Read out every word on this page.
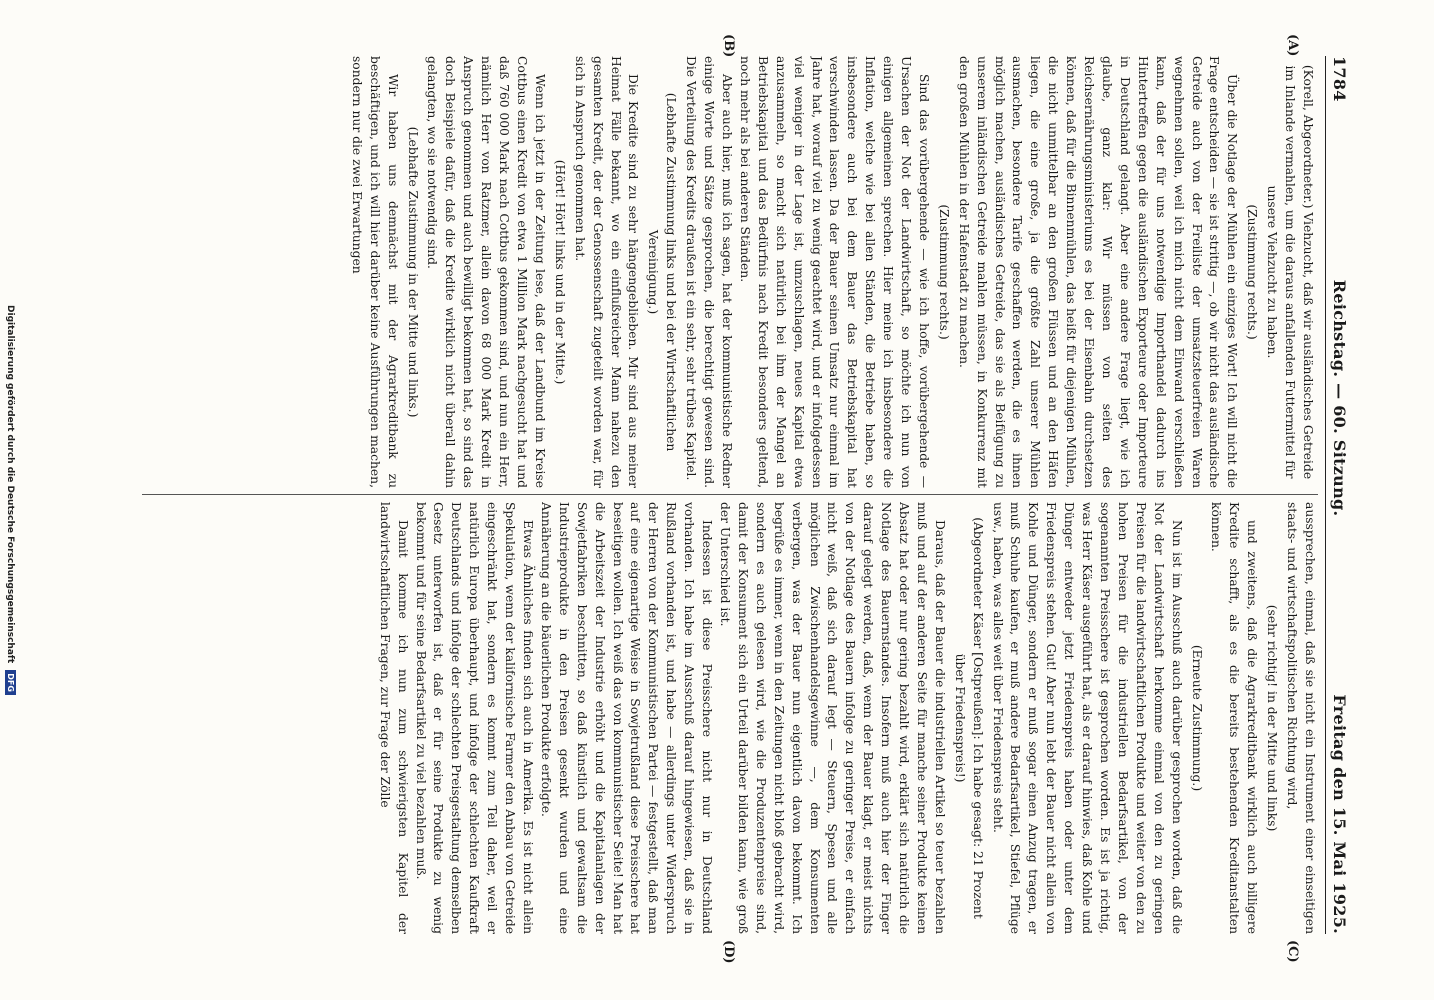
1784
Reichstag. — 60. Sitzung.
Freitag den 15. Mai 1925.
(A)
(B)
(C)
(D)

(Korell, Abgeordneter.) Viehzucht, daß wir ausländisches Getreide im Inlande vermahlen, um die daraus anfallenden Futtermittel für unsere Viehzucht zu haben.

(Zustimmung rechts.)

Über die Notlage der Mühlen ein einziges Wort! Ich will nicht die Frage entscheiden — sie ist strittig —, ob wir nicht das ausländische Getreide auch von der Freiliste der umsatzsteuerfreien Waren wegnehmen sollen, weil ich mich nicht dem Einwand verschließen kann, daß der für uns notwendige Importhandel dadurch ins Hintertreffen gegen die ausländischen Exporteure oder Importeure in Deutschland gelangt. Aber eine andere Frage liegt, wie ich glaube, ganz klar: Wir müssen von seiten des Reichsernährungsministeriums es bei der Eisenbahn durchsetzen können, daß für die Binnenmühlen, das heißt für diejenigen Mühlen, die nicht unmittelbar an den großen Flüssen und an den Häfen liegen, die eine große, ja die größte Zahl unserer Mühlen ausmachen, besondere Tarife geschaffen werden, die es ihnen möglich machen, ausländisches Getreide, das sie als Beifügung zu unserem inländischen Getreide mahlen müssen, in Konkurrenz mit den großen Mühlen in der Hafenstadt zu machen.

(Zustimmung rechts.)

Sind das vorübergehende — wie ich hoffe, vorübergehende — Ursachen der Not der Landwirtschaft, so möchte ich nun von einigen allgemeinen sprechen. Hier meine ich insbesondere die Inflation, welche wie bei allen Ständen, die Betriebe haben, so insbesondere auch bei dem Bauer das Betriebskapital hat verschwinden lassen. Da der Bauer seinen Umsatz nur einmal im Jahre hat, worauf viel zu wenig geachtet wird, und er infolgedessen viel weniger in der Lage ist, umzuschlagen, neues Kapital etwa anzusammeln, so macht sich natürlich bei ihm der Mangel an Betriebskapital und das Bedürfnis nach Kredit besonders geltend, noch mehr als bei anderen Ständen.

Aber auch hier, muß ich sagen, hat der kommunistische Redner einige Worte und Sätze gesprochen, die berechtigt gewesen sind. Die Verteilung des Kredits draußen ist ein sehr, sehr trübes Kapitel.

(Lebhafte Zustimmung links und bei der Wirtschaftlichen Vereinigung.)

Die Kredite sind zu sehr hängengeblieben. Mir sind aus meiner Heimat Fälle bekannt, wo ein einflußreicher Mann nahezu den gesamten Kredit, der der Genossenschaft zugeteilt worden war, für sich in Anspruch genommen hat.

(Hört! Hört! links und in der Mitte.)

Wenn ich jetzt in der Zeitung lese, daß der Landbund im Kreise Cottbus einen Kredit von etwa 1 Million Mark nachgesucht hat und daß 760 000 Mark nach Cottbus gekommen sind, und nun ein Herr, nämlich Herr von Ratzmer, allein davon 68 000 Mark Kredit in Anspruch genommen und auch bewilligt bekommen hat, so sind das doch Beispiele dafür, daß die Kredite wirklich nicht überall dahin gelangten, wo sie notwendig sind.

(Lebhafte Zustimmung in der Mitte und links.)

Wir haben uns demnächst mit der Agrarkreditbank zu beschäftigen, und ich will hier darüber keine Ausführungen machen, sondern nur die zwei Erwartungen

aussprechen, einmal, daß sie nicht ein Instrument einer einseitigen staats- und wirtschaftspolitischen Richtung wird,

(sehr richtig! in der Mitte und links)

und zweitens, daß die Agrarkreditbank wirklich auch billigere Kredite schafft, als es die bereits bestehenden Kreditanstalten können.

(Erneute Zustimmung.)

Nun ist im Ausschuß auch darüber gesprochen worden, daß die Not der Landwirtschaft herkomme einmal von den zu geringen Preisen für die landwirtschaftlichen Produkte und weiter von den zu hohen Preisen für die industriellen Bedarfsartikel, von der sogenannten Preisschere ist gesprochen worden. Es ist ja richtig, was Herr Käser ausgeführt hat, als er darauf hinwies, daß Kohle und Dünger entweder jetzt Friedenspreis haben oder unter dem Friedenspreis stehen. Gut! Aber nun lebt der Bauer nicht allein von Kohle und Dünger, sondern er muß sogar einen Anzug tragen, er muß Schuhe kaufen, er muß andere Bedarfsartikel, Stiefel, Pflüge usw., haben, was alles weit über Friedenspreis steht.

(Abgeordneter Käser [Ostpreußen]: Ich habe gesagt: 21 Prozent über Friedenspreis!)

Daraus, daß der Bauer die industriellen Artikel so teuer bezahlen muß und auf der anderen Seite für manche seiner Produkte keinen Absatz hat oder nur gering bezahlt wird, erklärt sich natürlich die Notlage des Bauernstandes. Insofern muß auch hier der Finger darauf gelegt werden, daß, wenn der Bauer klagt, er meist nichts von der Notlage des Bauern infolge zu geringer Preise, er einfach nicht weiß, daß sich darauf legt — Steuern, Spesen und alle möglichen Zwischenhandelsgewinne —, dem Konsumenten verbergen, was der Bauer nun eigentlich davon bekommt. Ich begrüße es immer, wenn in den Zeitungen nicht bloß gebracht wird, sondern es auch gelesen wird, wie die Produzentenpreise sind, damit der Konsument sich ein Urteil darüber bilden kann, wie groß der Unterschied ist.

Indessen ist diese Preisschere nicht nur in Deutschland vorhanden. Ich habe im Ausschuß darauf hingewiesen, daß sie in Rußland vorhanden ist, und habe — allerdings unter Widerspruch der Herren von der Kommunistischen Partei — festgestellt, daß man auf eine eigenartige Weise in Sowjetrußland diese Preisschere hat beseitigen wollen. Ich weiß das von kommunistischer Seite! Man hat die Arbeitszeit der Industrie erhöht und die Kapitalanlagen der Sowjetfabriken beschnitten, so daß künstlich und gewaltsam die Industrieprodukte in den Preisen gesenkt wurden und eine Annäherung an die bäuerlichen Produkte erfolgte.

Etwas Ähnliches finden sich auch in Amerika. Es ist nicht allein Spekulation, wenn der kalifornische Farmer den Anbau von Getreide eingeschränkt hat, sondern es kommt zum Teil daher, weil er natürlich Europa überhaupt, und infolge der schlechten Kaufkraft Deutschlands und infolge der schlechten Preisgestaltung demselben Gesetz unterworfen ist, daß er für seine Produkte zu wenig bekommt und für seine Bedarfsartikel zu viel bezahlen muß.

Damit komme ich nun zum schwierigsten Kapitel der landwirtschaftlichen Fragen, zur Frage der Zölle

Digitalisierung gefördert durch die Deutsche Forschungsgemeinschaft DFG
